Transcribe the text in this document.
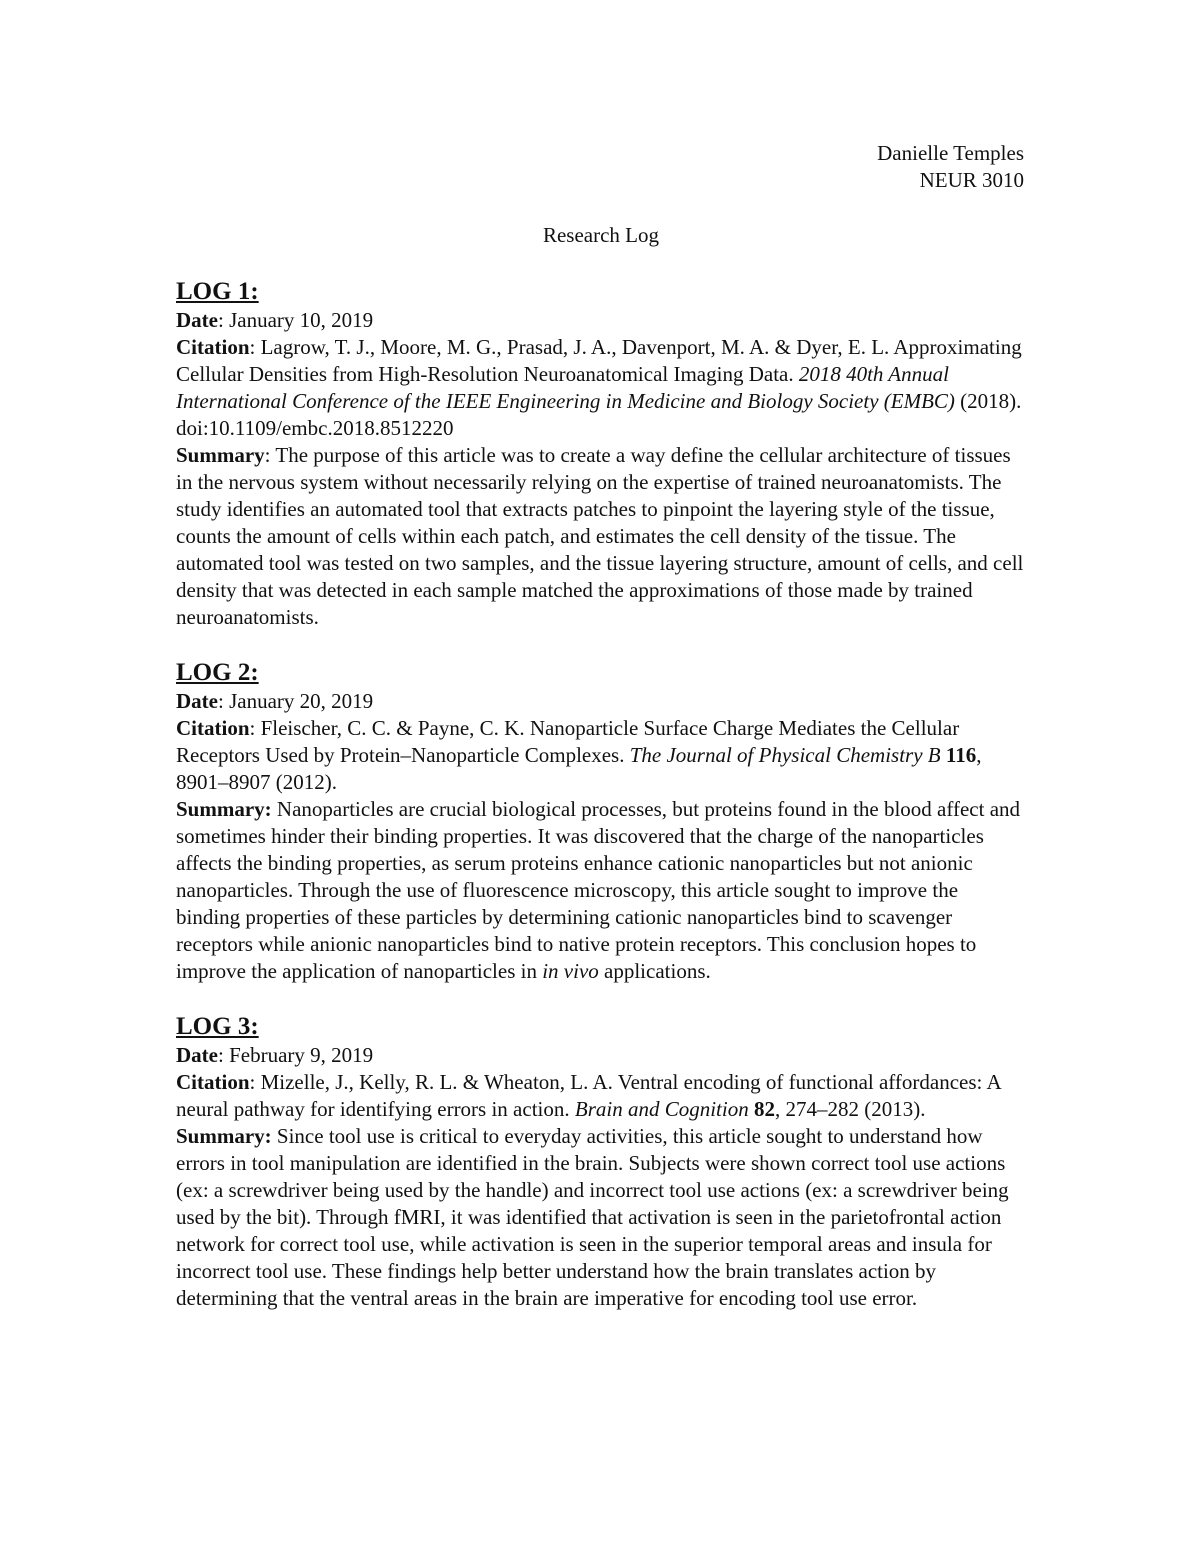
Danielle Temples
NEUR 3010
Research Log
LOG 1:
Date: January 10, 2019
Citation: Lagrow, T. J., Moore, M. G., Prasad, J. A., Davenport, M. A. & Dyer, E. L. Approximating Cellular Densities from High-Resolution Neuroanatomical Imaging Data. 2018 40th Annual International Conference of the IEEE Engineering in Medicine and Biology Society (EMBC) (2018). doi:10.1109/embc.2018.8512220
Summary: The purpose of this article was to create a way define the cellular architecture of tissues in the nervous system without necessarily relying on the expertise of trained neuroanatomists. The study identifies an automated tool that extracts patches to pinpoint the layering style of the tissue, counts the amount of cells within each patch, and estimates the cell density of the tissue. The automated tool was tested on two samples, and the tissue layering structure, amount of cells, and cell density that was detected in each sample matched the approximations of those made by trained neuroanatomists.
LOG 2:
Date: January 20, 2019
Citation: Fleischer, C. C. & Payne, C. K. Nanoparticle Surface Charge Mediates the Cellular Receptors Used by Protein–Nanoparticle Complexes. The Journal of Physical Chemistry B 116, 8901–8907 (2012).
Summary: Nanoparticles are crucial biological processes, but proteins found in the blood affect and sometimes hinder their binding properties. It was discovered that the charge of the nanoparticles affects the binding properties, as serum proteins enhance cationic nanoparticles but not anionic nanoparticles. Through the use of fluorescence microscopy, this article sought to improve the binding properties of these particles by determining cationic nanoparticles bind to scavenger receptors while anionic nanoparticles bind to native protein receptors. This conclusion hopes to improve the application of nanoparticles in in vivo applications.
LOG 3:
Date: February 9, 2019
Citation: Mizelle, J., Kelly, R. L. & Wheaton, L. A. Ventral encoding of functional affordances: A neural pathway for identifying errors in action. Brain and Cognition 82, 274–282 (2013).
Summary: Since tool use is critical to everyday activities, this article sought to understand how errors in tool manipulation are identified in the brain. Subjects were shown correct tool use actions (ex: a screwdriver being used by the handle) and incorrect tool use actions (ex: a screwdriver being used by the bit). Through fMRI, it was identified that activation is seen in the parietofrontal action network for correct tool use, while activation is seen in the superior temporal areas and insula for incorrect tool use. These findings help better understand how the brain translates action by determining that the ventral areas in the brain are imperative for encoding tool use error.
